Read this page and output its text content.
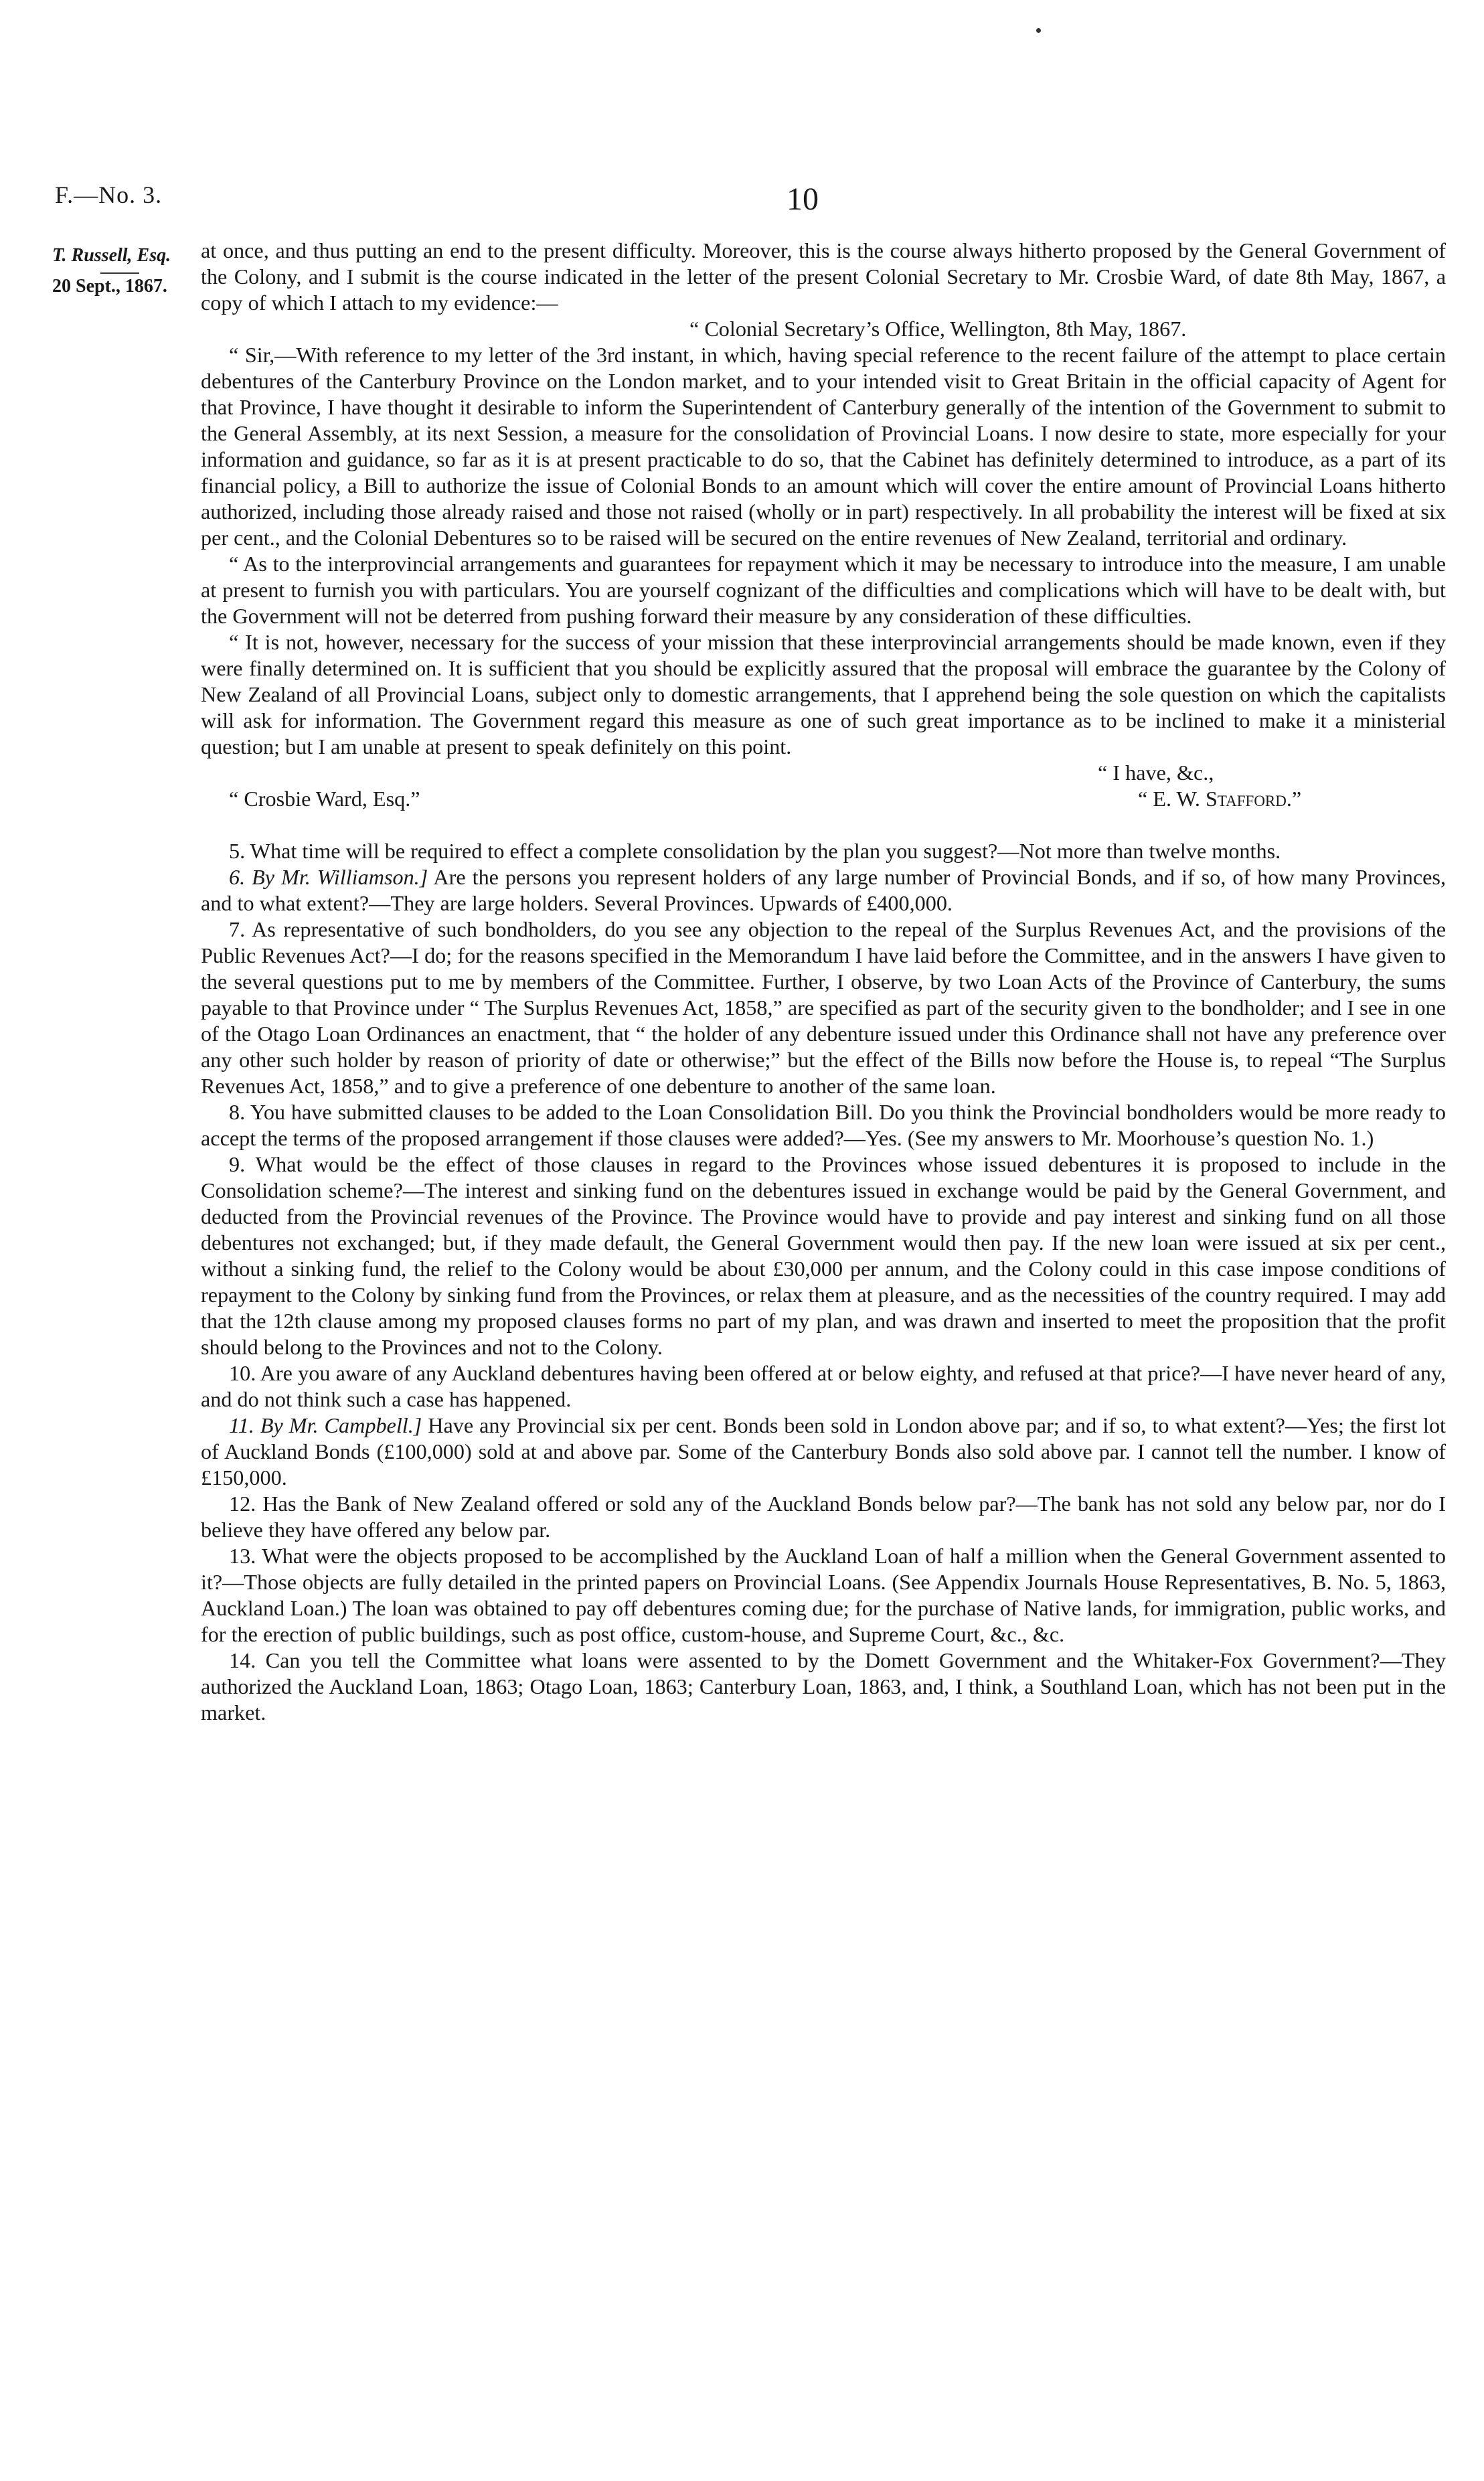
F.—No. 3.	10
T. Russell, Esq.
20 Sept., 1867.

at once, and thus putting an end to the present difficulty. Moreover, this is the course always hitherto proposed by the General Government of the Colony, and I submit is the course indicated in the letter of the present Colonial Secretary to Mr. Crosbie Ward, of date 8th May, 1867, a copy of which I attach to my evidence:—

“ Colonial Secretary’s Office, Wellington, 8th May, 1867.

“ Sir,—With reference to my letter of the 3rd instant, in which, having special reference to the recent failure of the attempt to place certain debentures of the Canterbury Province on the London market, and to your intended visit to Great Britain in the official capacity of Agent for that Province, I have thought it desirable to inform the Superintendent of Canterbury generally of the intention of the Government to submit to the General Assembly, at its next Session, a measure for the consolidation of Provincial Loans. I now desire to state, more especially for your information and guidance, so far as it is at present practicable to do so, that the Cabinet has definitely determined to introduce, as a part of its financial policy, a Bill to authorize the issue of Colonial Bonds to an amount which will cover the entire amount of Provincial Loans hitherto authorized, including those already raised and those not raised (wholly or in part) respectively. In all probability the interest will be fixed at six per cent., and the Colonial Debentures so to be raised will be secured on the entire revenues of New Zealand, territorial and ordinary.

“ As to the interprovincial arrangements and guarantees for repayment which it may be necessary to introduce into the measure, I am unable at present to furnish you with particulars. You are yourself cognizant of the difficulties and complications which will have to be dealt with, but the Government will not be deterred from pushing forward their measure by any consideration of these difficulties.

“ It is not, however, necessary for the success of your mission that these interprovincial arrangements should be made known, even if they were finally determined on. It is sufficient that you should be explicitly assured that the proposal will embrace the guarantee by the Colony of New Zealand of all Provincial Loans, subject only to domestic arrangements, that I apprehend being the sole question on which the capitalists will ask for information. The Government regard this measure as one of such great importance as to be inclined to make it a ministerial question; but I am unable at present to speak definitely on this point.

“ I have, &c.,
“ Crosbie Ward, Esq.”	“ E. W. Stafford.”

5. What time will be required to effect a complete consolidation by the plan you suggest?—Not more than twelve months.

6. By Mr. Williamson.] Are the persons you represent holders of any large number of Provincial Bonds, and if so, of how many Provinces, and to what extent?—They are large holders. Several Provinces. Upwards of £400,000.

7. As representative of such bondholders, do you see any objection to the repeal of the Surplus Revenues Act, and the provisions of the Public Revenues Act?—I do; for the reasons specified in the Memorandum I have laid before the Committee, and in the answers I have given to the several questions put to me by members of the Committee. Further, I observe, by two Loan Acts of the Province of Canterbury, the sums payable to that Province under “ The Surplus Revenues Act, 1858,” are specified as part of the security given to the bondholder; and I see in one of the Otago Loan Ordinances an enactment, that “ the holder of any debenture issued under this Ordinance shall not have any preference over any other such holder by reason of priority of date or otherwise;” but the effect of the Bills now before the House is, to repeal “The Surplus Revenues Act, 1858,” and to give a preference of one debenture to another of the same loan.

8. You have submitted clauses to be added to the Loan Consolidation Bill. Do you think the Provincial bondholders would be more ready to accept the terms of the proposed arrangement if those clauses were added?—Yes. (See my answers to Mr. Moorhouse’s question No. 1.)

9. What would be the effect of those clauses in regard to the Provinces whose issued debentures it is proposed to include in the Consolidation scheme?—The interest and sinking fund on the debentures issued in exchange would be paid by the General Government, and deducted from the Provincial revenues of the Province. The Province would have to provide and pay interest and sinking fund on all those debentures not exchanged; but, if they made default, the General Government would then pay. If the new loan were issued at six per cent., without a sinking fund, the relief to the Colony would be about £30,000 per annum, and the Colony could in this case impose conditions of repayment to the Colony by sinking fund from the Provinces, or relax them at pleasure, and as the necessities of the country required. I may add that the 12th clause among my proposed clauses forms no part of my plan, and was drawn and inserted to meet the proposition that the profit should belong to the Provinces and not to the Colony.

10. Are you aware of any Auckland debentures having been offered at or below eighty, and refused at that price?—I have never heard of any, and do not think such a case has happened.

11. By Mr. Campbell.] Have any Provincial six per cent. Bonds been sold in London above par; and if so, to what extent?—Yes; the first lot of Auckland Bonds (£100,000) sold at and above par. Some of the Canterbury Bonds also sold above par. I cannot tell the number. I know of £150,000.

12. Has the Bank of New Zealand offered or sold any of the Auckland Bonds below par?—The bank has not sold any below par, nor do I believe they have offered any below par.

13. What were the objects proposed to be accomplished by the Auckland Loan of half a million when the General Government assented to it?—Those objects are fully detailed in the printed papers on Provincial Loans. (See Appendix Journals House Representatives, B. No. 5, 1863, Auckland Loan.) The loan was obtained to pay off debentures coming due; for the purchase of Native lands, for immigration, public works, and for the erection of public buildings, such as post office, custom-house, and Supreme Court, &c., &c.

14. Can you tell the Committee what loans were assented to by the Domett Government and the Whitaker-Fox Government?—They authorized the Auckland Loan, 1863; Otago Loan, 1863; Canterbury Loan, 1863, and, I think, a Southland Loan, which has not been put in the market.
